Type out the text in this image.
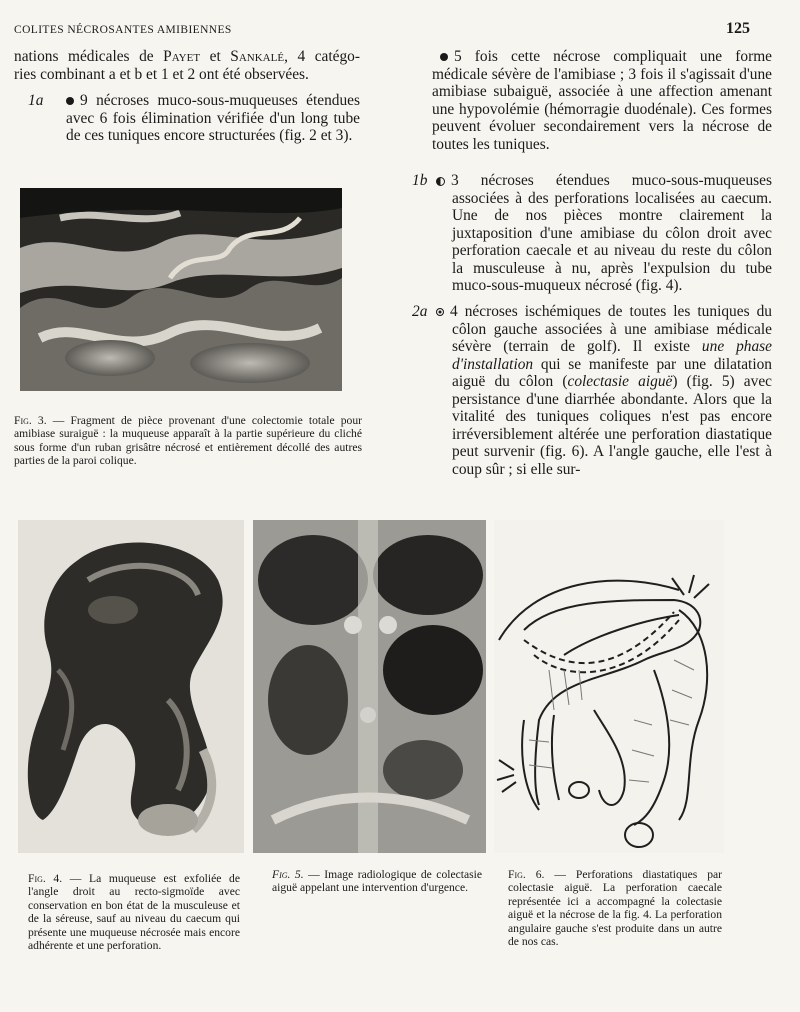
COLITES NÉCROSANTES AMIBIENNES	125

nations médicales de Payet et Sankalé, 4 catégo-

ries combinant a et b et 1 et 2 ont été observées.

1a	9 nécroses muco-sous-muqueuses étendues avec 6 fois élimination vérifiée d'un long tube de ces tuniques encore structurées (fig. 2 et 3).

Fig. 3. — Fragment de pièce provenant d'une colectomie totale pour amibiase suraiguë : la muqueuse apparaît à la partie supérieure du cliché sous forme d'un ruban grisâtre nécrosé et entièrement décollé des autres parties de la paroi colique.

5 fois cette nécrose compliquait une forme médicale sévère de l'amibiase ; 3 fois il s'agissait d'une amibiase subaiguë, associée à une affection amenant une hypovolémie (hémorragie duodénale). Ces formes peuvent évoluer secondairement vers la nécrose de toutes les tuniques.

1b 3 nécroses étendues muco-sous-muqueuses associées à des perforations localisées au caecum. Une de nos pièces montre clairement la juxtaposition d'une amibiase du côlon droit avec perforation caecale et au niveau du reste du côlon la musculeuse à nu, après l'expulsion du tube muco-sous-muqueux nécrosé (fig. 4).

2a 4 nécroses ischémiques de toutes les tuniques du côlon gauche associées à une amibiase médicale sévère (terrain de golf). Il existe une phase d'installation qui se manifeste par une dilatation aiguë du côlon (colectasie aiguë) (fig. 5) avec persistance d'une diarrhée abondante. Alors que la vitalité des tuniques coliques n'est pas encore irréversiblement altérée une perforation diastatique peut survenir (fig. 6). A l'angle gauche, elle l'est à coup sûr ; si elle sur-

Fig. 4. — La muqueuse est exfoliée de l'angle droit au recto-sigmoïde avec conservation en bon état de la musculeuse et de la séreuse, sauf au niveau du caecum qui présente une muqueuse nécrosée mais encore adhérente et une perforation.

Fig. 5. — Image radiologique de colectasie aiguë appelant une intervention d'urgence.

Fig. 6. — Perforations diastatiques par colectasie aiguë. La perforation caecale représentée ici a accompagné la colectasie aiguë et la nécrose de la fig. 4. La perforation angulaire gauche s'est produite dans un autre de nos cas.
